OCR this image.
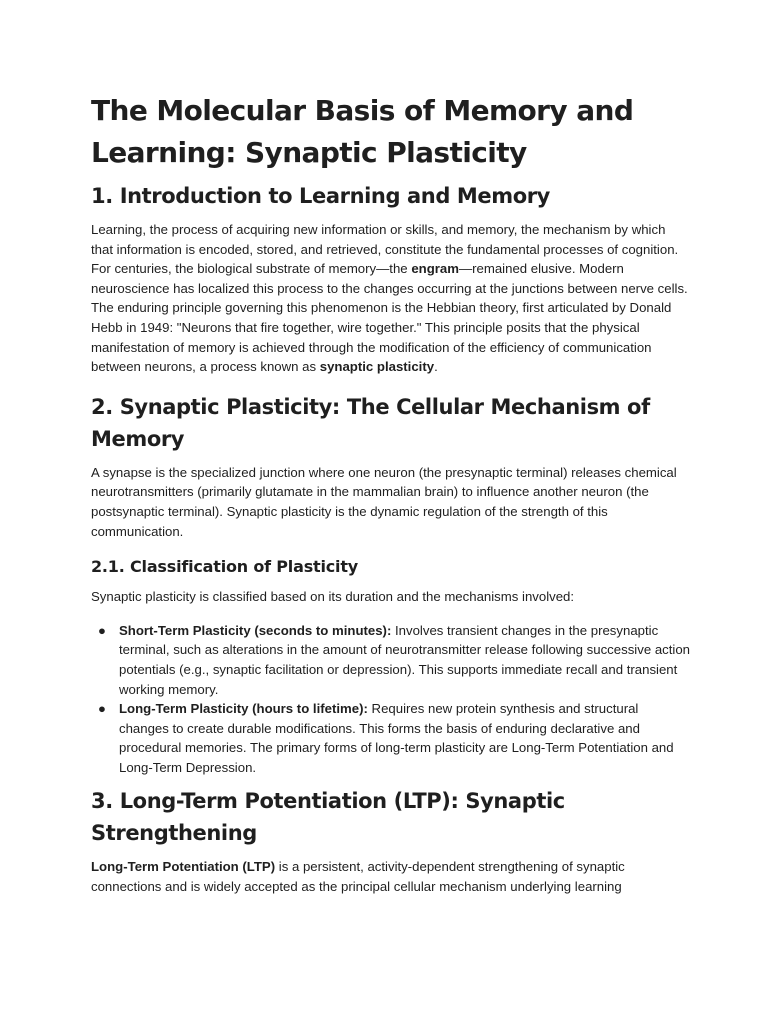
The Molecular Basis of Memory and Learning: Synaptic Plasticity
1. Introduction to Learning and Memory

Learning, the process of acquiring new information or skills, and memory, the mechanism by which that information is encoded, stored, and retrieved, constitute the fundamental processes of cognition. For centuries, the biological substrate of memory—the engram—remained elusive. Modern neuroscience has localized this process to the changes occurring at the junctions between nerve cells. The enduring principle governing this phenomenon is the Hebbian theory, first articulated by Donald Hebb in 1949: "Neurons that fire together, wire together." This principle posits that the physical manifestation of memory is achieved through the modification of the efficiency of communication between neurons, a process known as synaptic plasticity.

2. Synaptic Plasticity: The Cellular Mechanism of Memory

A synapse is the specialized junction where one neuron (the presynaptic terminal) releases chemical neurotransmitters (primarily glutamate in the mammalian brain) to influence another neuron (the postsynaptic terminal). Synaptic plasticity is the dynamic regulation of the strength of this communication.

2.1. Classification of Plasticity

Synaptic plasticity is classified based on its duration and the mechanisms involved:

● Short-Term Plasticity (seconds to minutes): Involves transient changes in the presynaptic terminal, such as alterations in the amount of neurotransmitter release following successive action potentials (e.g., synaptic facilitation or depression). This supports immediate recall and transient working memory.
● Long-Term Plasticity (hours to lifetime): Requires new protein synthesis and structural changes to create durable modifications. This forms the basis of enduring declarative and procedural memories. The primary forms of long-term plasticity are Long-Term Potentiation and Long-Term Depression.
3. Long-Term Potentiation (LTP): Synaptic Strengthening

Long-Term Potentiation (LTP) is a persistent, activity-dependent strengthening of synaptic connections and is widely accepted as the principal cellular mechanism underlying learning
